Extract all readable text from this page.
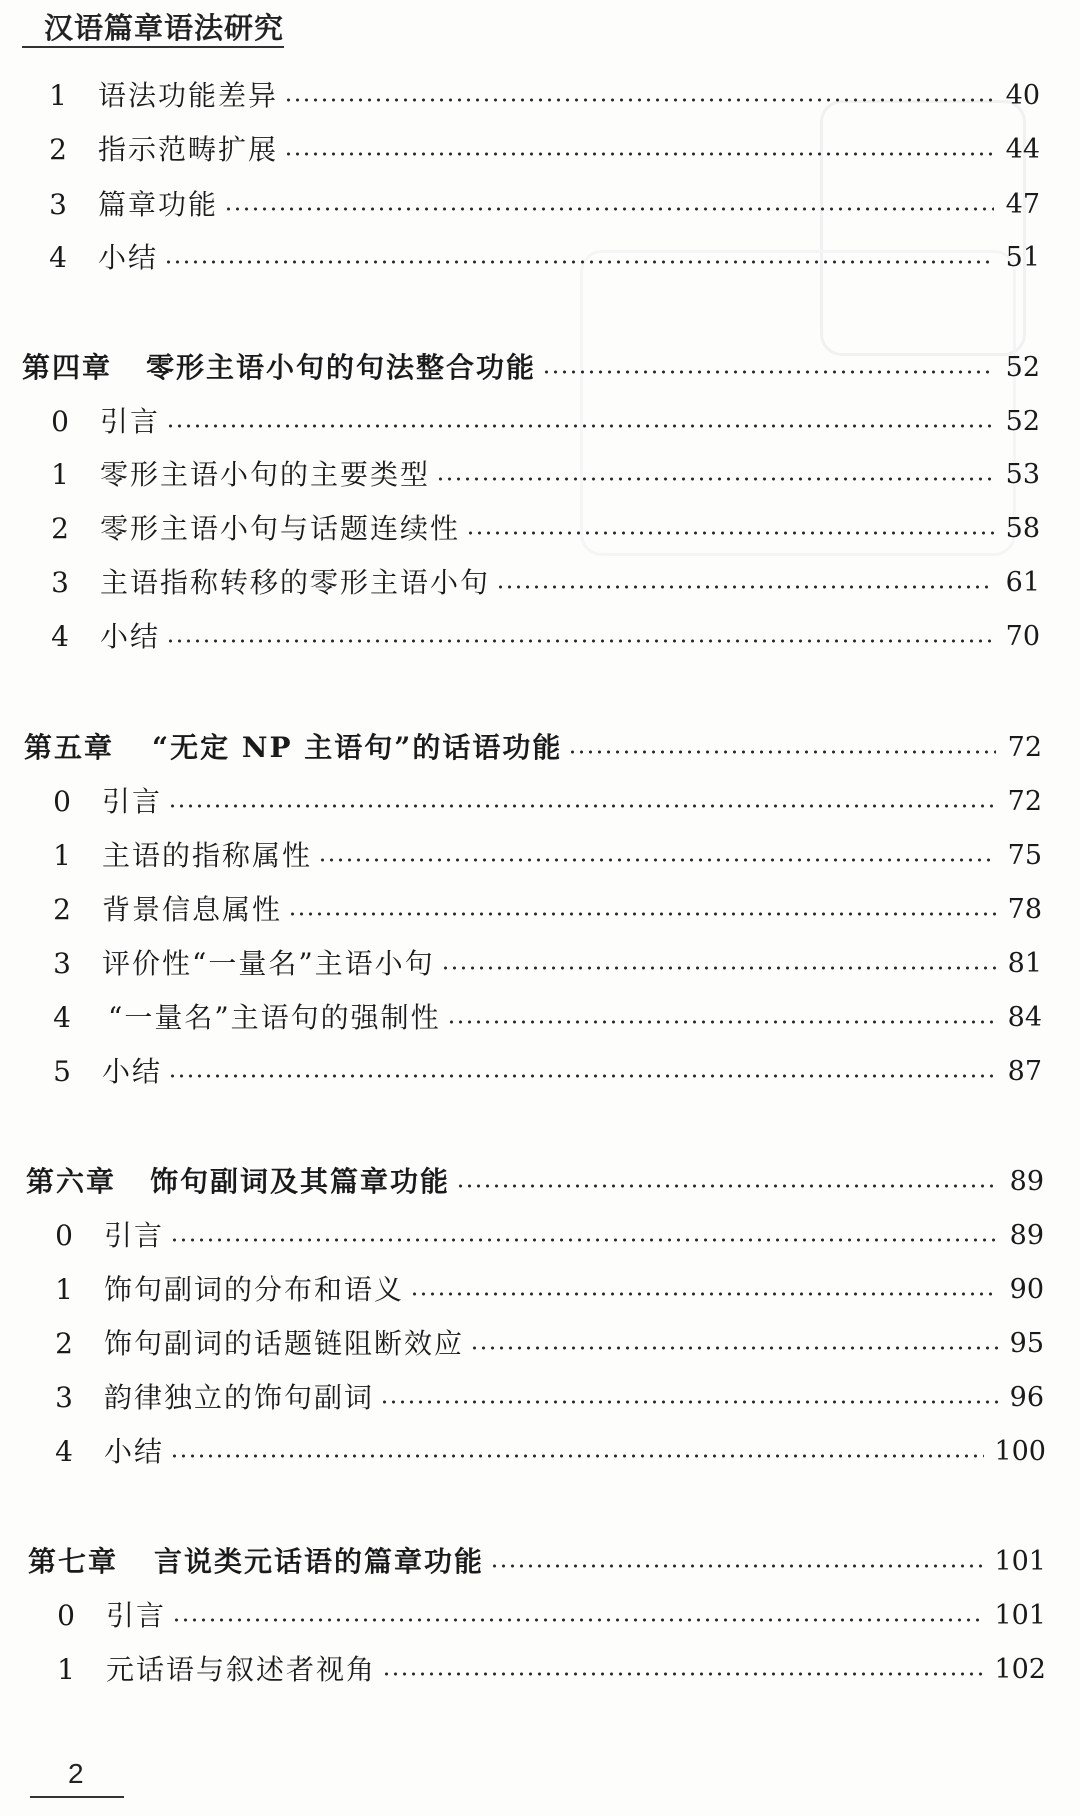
汉语篇章语法研究
1 语法功能差异	40
2 指示范畴扩展	44
3 篇章功能	47
4 小结	51
第四章	零形主语小句的句法整合功能	52
0 引言	52
1 零形主语小句的主要类型	53
2 零形主语小句与话题连续性	58
3 主语指称转移的零形主语小句	61
4 小结	70
第五章	“无定 NP 主语句”的话语功能	72
0 引言	72
1 主语的指称属性	75
2 背景信息属性	78
3 评价性“一量名”主语小句	81
4 “一量名”主语句的强制性	84
5 小结	87
第六章	饰句副词及其篇章功能	89
0 引言	89
1 饰句副词的分布和语义	90
2 饰句副词的话题链阻断效应	95
3 韵律独立的饰句副词	96
4 小结	100
第七章	言说类元话语的篇章功能	101
0 引言	101
1 元话语与叙述者视角	102
2
